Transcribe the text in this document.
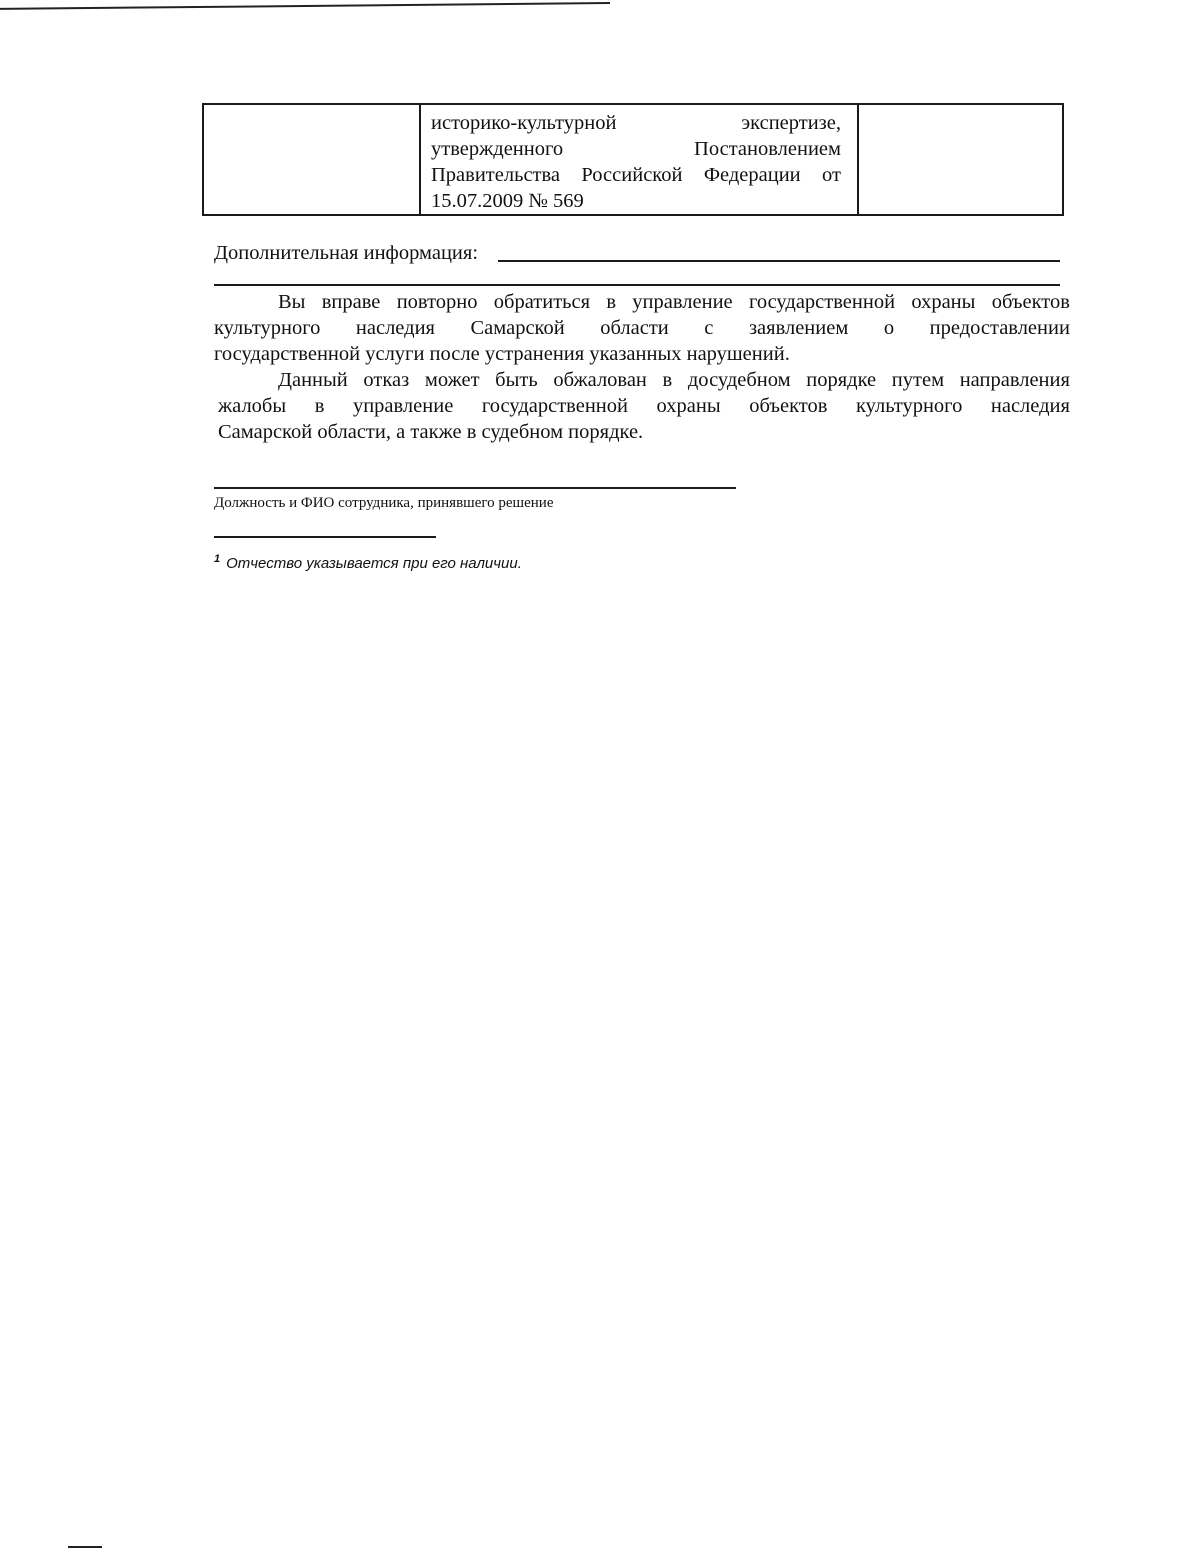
историко-культурной	экспертизе,
утвержденного	Постановлением
Правительства Российской Федерации от
15.07.2009 № 569

Дополнительная информация:
Вы вправе повторно обратиться в управление государственной охраны объектов
культурного наследия Самарской области с заявлением о предоставлении
государственной услуги после устранения указанных нарушений.
Данный отказ может быть обжалован в досудебном порядке путем направления
жалобы в управление государственной охраны объектов культурного наследия
Самарской области, а также в судебном порядке.
Должность и ФИО сотрудника, принявшего решение
$^1$ Отчество указывается при его наличии.
